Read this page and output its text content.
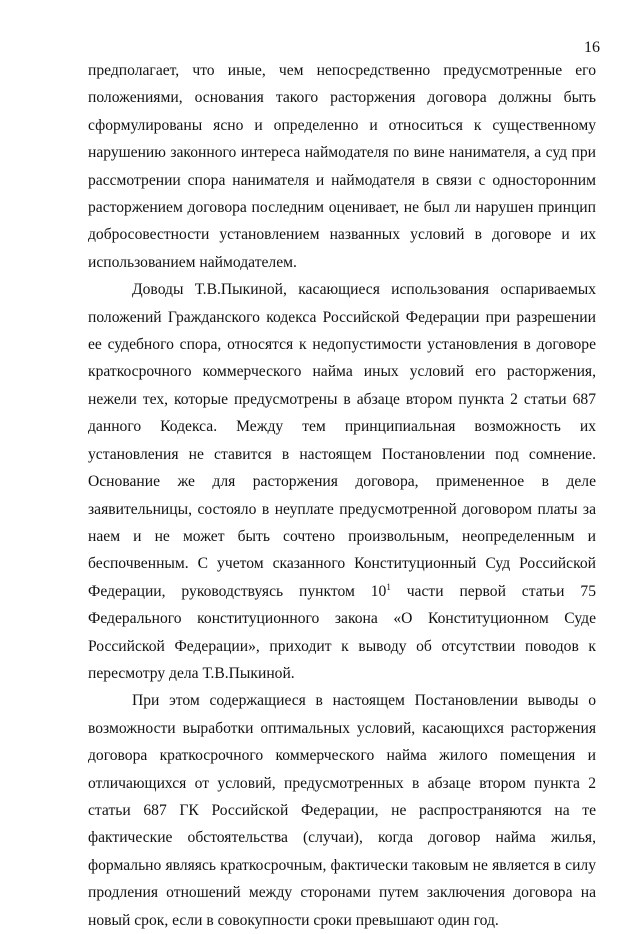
16

предполагает, что иные, чем непосредственно предусмотренные его положениями, основания такого расторжения договора должны быть сформулированы ясно и определенно и относиться к существенному нарушению законного интереса наймодателя по вине нанимателя, а суд при рассмотрении спора нанимателя и наймодателя в связи с односторонним расторжением договора последним оценивает, не был ли нарушен принцип добросовестности установлением названных условий в договоре и их использованием наймодателем.

Доводы Т.В.Пыкиной, касающиеся использования оспариваемых положений Гражданского кодекса Российской Федерации при разрешении ее судебного спора, относятся к недопустимости установления в договоре краткосрочного коммерческого найма иных условий его расторжения, нежели тех, которые предусмотрены в абзаце втором пункта 2 статьи 687 данного Кодекса. Между тем принципиальная возможность их установления не ставится в настоящем Постановлении под сомнение. Основание же для расторжения договора, примененное в деле заявительницы, состояло в неуплате предусмотренной договором платы за наем и не может быть сочтено произвольным, неопределенным и беспочвенным. С учетом сказанного Конституционный Суд Российской Федерации, руководствуясь пунктом $10^1$ части первой статьи 75 Федерального конституционного закона «О Конституционном Суде Российской Федерации», приходит к выводу об отсутствии поводов к пересмотру дела Т.В.Пыкиной.

При этом содержащиеся в настоящем Постановлении выводы о возможности выработки оптимальных условий, касающихся расторжения договора краткосрочного коммерческого найма жилого помещения и отличающихся от условий, предусмотренных в абзаце втором пункта 2 статьи 687 ГК Российской Федерации, не распространяются на те фактические обстоятельства (случаи), когда договор найма жилья, формально являясь краткосрочным, фактически таковым не является в силу продления отношений между сторонами путем заключения договора на новый срок, если в совокупности сроки превышают один год.
